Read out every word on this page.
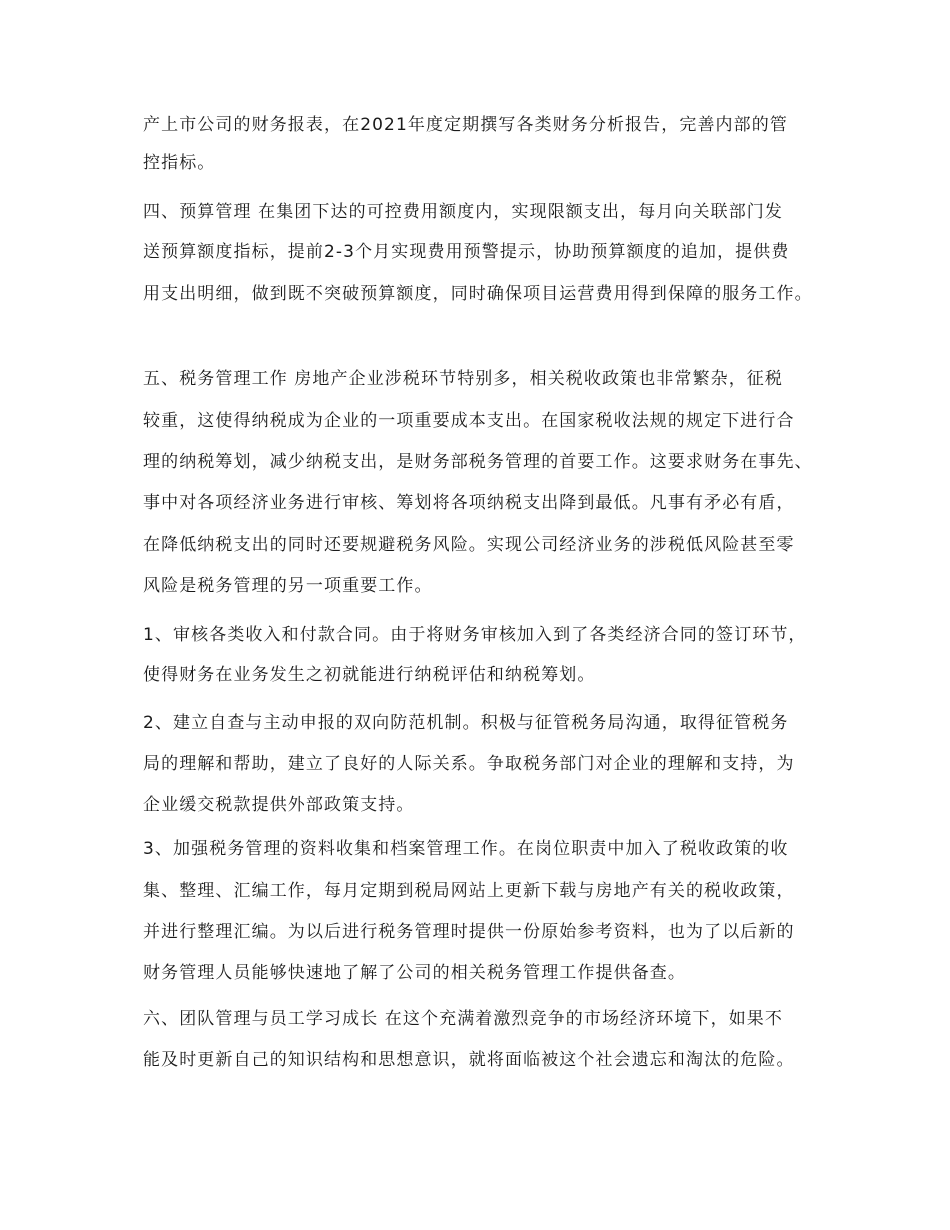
产上市公司的财务报表，在2021年度定期撰写各类财务分析报告，完善内部的管
控指标。
四、预算管理 在集团下达的可控费用额度内，实现限额支出，每月向关联部门发
送预算额度指标，提前2-3个月实现费用预警提示，协助预算额度的追加，提供费
用支出明细，做到既不突破预算额度，同时确保项目运营费用得到保障的服务工作。
五、税务管理工作 房地产企业涉税环节特别多，相关税收政策也非常繁杂，征税
较重，这使得纳税成为企业的一项重要成本支出。在国家税收法规的规定下进行合
理的纳税筹划，减少纳税支出，是财务部税务管理的首要工作。这要求财务在事先、
事中对各项经济业务进行审核、筹划将各项纳税支出降到最低。凡事有矛必有盾，
在降低纳税支出的同时还要规避税务风险。实现公司经济业务的涉税低风险甚至零
风险是税务管理的另一项重要工作。
1、审核各类收入和付款合同。由于将财务审核加入到了各类经济合同的签订环节，
使得财务在业务发生之初就能进行纳税评估和纳税筹划。
2、建立自查与主动申报的双向防范机制。积极与征管税务局沟通，取得征管税务
局的理解和帮助，建立了良好的人际关系。争取税务部门对企业的理解和支持，为
企业缓交税款提供外部政策支持。
3、加强税务管理的资料收集和档案管理工作。在岗位职责中加入了税收政策的收
集、整理、汇编工作，每月定期到税局网站上更新下载与房地产有关的税收政策，
并进行整理汇编。为以后进行税务管理时提供一份原始参考资料，也为了以后新的
财务管理人员能够快速地了解了公司的相关税务管理工作提供备查。
六、团队管理与员工学习成长 在这个充满着激烈竞争的市场经济环境下，如果不
能及时更新自己的知识结构和思想意识，就将面临被这个社会遗忘和淘汰的危险。
